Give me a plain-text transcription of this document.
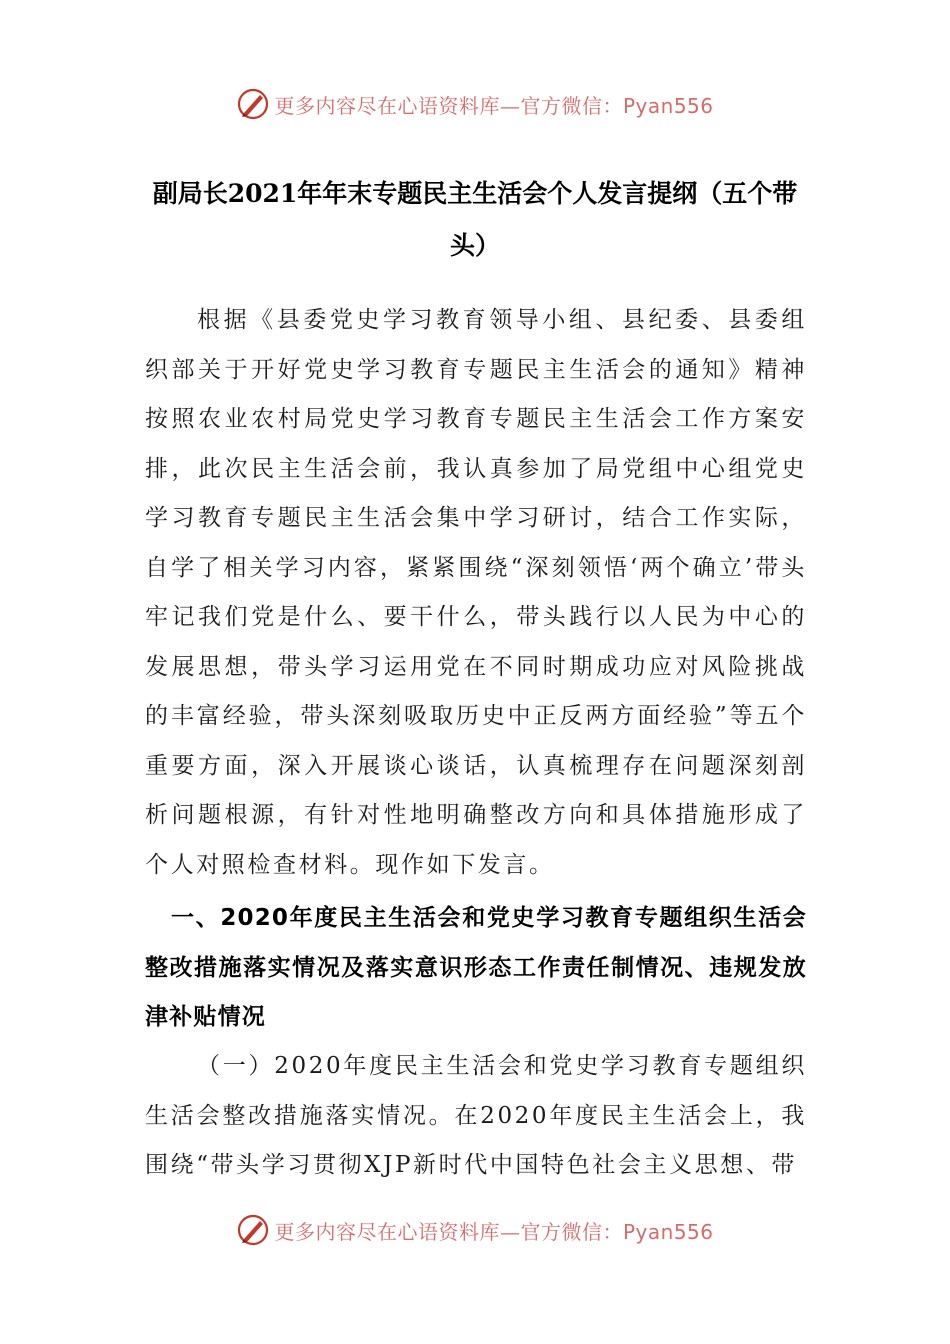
更多内容尽在心语资料库—官方微信：Pyan556
副局长2021年年末专题民主生活会个人发言提纲（五个带头）

根据《县委党史学习教育领导小组、县纪委、县委组织部关于开好党史学习教育专题民主生活会的通知》精神按照农业农村局党史学习教育专题民主生活会工作方案安排，此次民主生活会前，我认真参加了局党组中心组党史学习教育专题民主生活会集中学习研讨，结合工作实际，自学了相关学习内容，紧紧围绕“深刻领悟‘两个确立’带头牢记我们党是什么、要干什么，带头践行以人民为中心的发展思想，带头学习运用党在不同时期成功应对风险挑战的丰富经验，带头深刻吸取历史中正反两方面经验”等五个重要方面，深入开展谈心谈话，认真梳理存在问题深刻剖析问题根源，有针对性地明确整改方向和具体措施形成了个人对照检查材料。现作如下发言。

一、2020年度民主生活会和党史学习教育专题组织生活会整改措施落实情况及落实意识形态工作责任制情况、违规发放津补贴情况

（一）2020年度民主生活会和党史学习教育专题组织生活会整改措施落实情况。在2020年度民主生活会上，我围绕“带头学习贯彻XJP新时代中国特色社会主义思想、带

更多内容尽在心语资料库—官方微信：Pyan556
